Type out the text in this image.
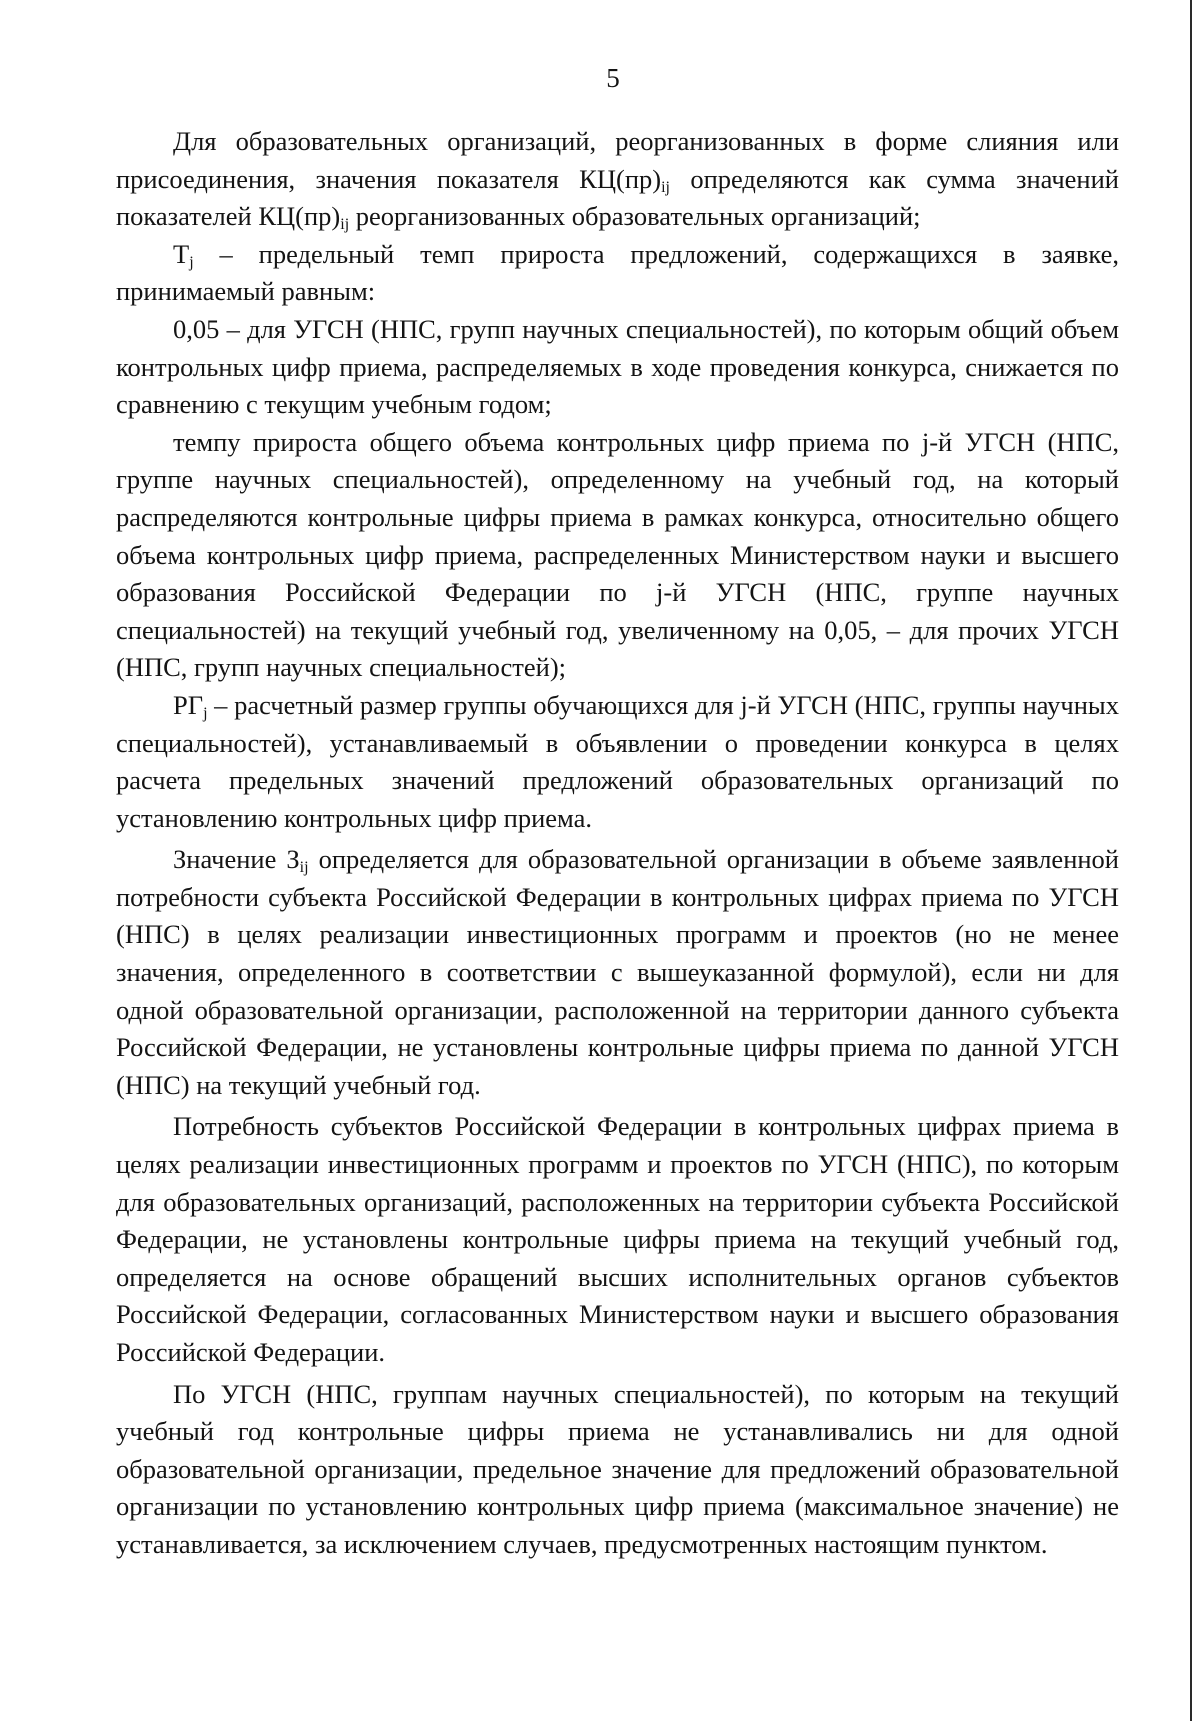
5

Для образовательных организаций, реорганизованных в форме слияния или присоединения, значения показателя $КЦ(пр)_{ij}$ определяются как сумма значений показателей $КЦ(пр)_{ij}$ реорганизованных образовательных организаций;

$T_j$ – предельный темп прироста предложений, содержащихся в заявке, принимаемый равным:

0,05 – для УГСН (НПС, групп научных специальностей), по которым общий объем контрольных цифр приема, распределяемых в ходе проведения конкурса, снижается по сравнению с текущим учебным годом;

темпу прироста общего объема контрольных цифр приема по j-й УГСН (НПС, группе научных специальностей), определенному на учебный год, на который распределяются контрольные цифры приема в рамках конкурса, относительно общего объема контрольных цифр приема, распределенных Министерством науки и высшего образования Российской Федерации по j-й УГСН (НПС, группе научных специальностей) на текущий учебный год, увеличенному на 0,05, – для прочих УГСН (НПС, групп научных специальностей);

$РГ_j$ – расчетный размер группы обучающихся для j-й УГСН (НПС, группы научных специальностей), устанавливаемый в объявлении о проведении конкурса в целях расчета предельных значений предложений образовательных организаций по установлению контрольных цифр приема.

Значение $З_{ij}$ определяется для образовательной организации в объеме заявленной потребности субъекта Российской Федерации в контрольных цифрах приема по УГСН (НПС) в целях реализации инвестиционных программ и проектов (но не менее значения, определенного в соответствии с вышеуказанной формулой), если ни для одной образовательной организации, расположенной на территории данного субъекта Российской Федерации, не установлены контрольные цифры приема по данной УГСН (НПС) на текущий учебный год.

Потребность субъектов Российской Федерации в контрольных цифрах приема в целях реализации инвестиционных программ и проектов по УГСН (НПС), по которым для образовательных организаций, расположенных на территории субъекта Российской Федерации, не установлены контрольные цифры приема на текущий учебный год, определяется на основе обращений высших исполнительных органов субъектов Российской Федерации, согласованных Министерством науки и высшего образования Российской Федерации.

По УГСН (НПС, группам научных специальностей), по которым на текущий учебный год контрольные цифры приема не устанавливались ни для одной образовательной организации, предельное значение для предложений образовательной организации по установлению контрольных цифр приема (максимальное значение) не устанавливается, за исключением случаев, предусмотренных настоящим пунктом.
